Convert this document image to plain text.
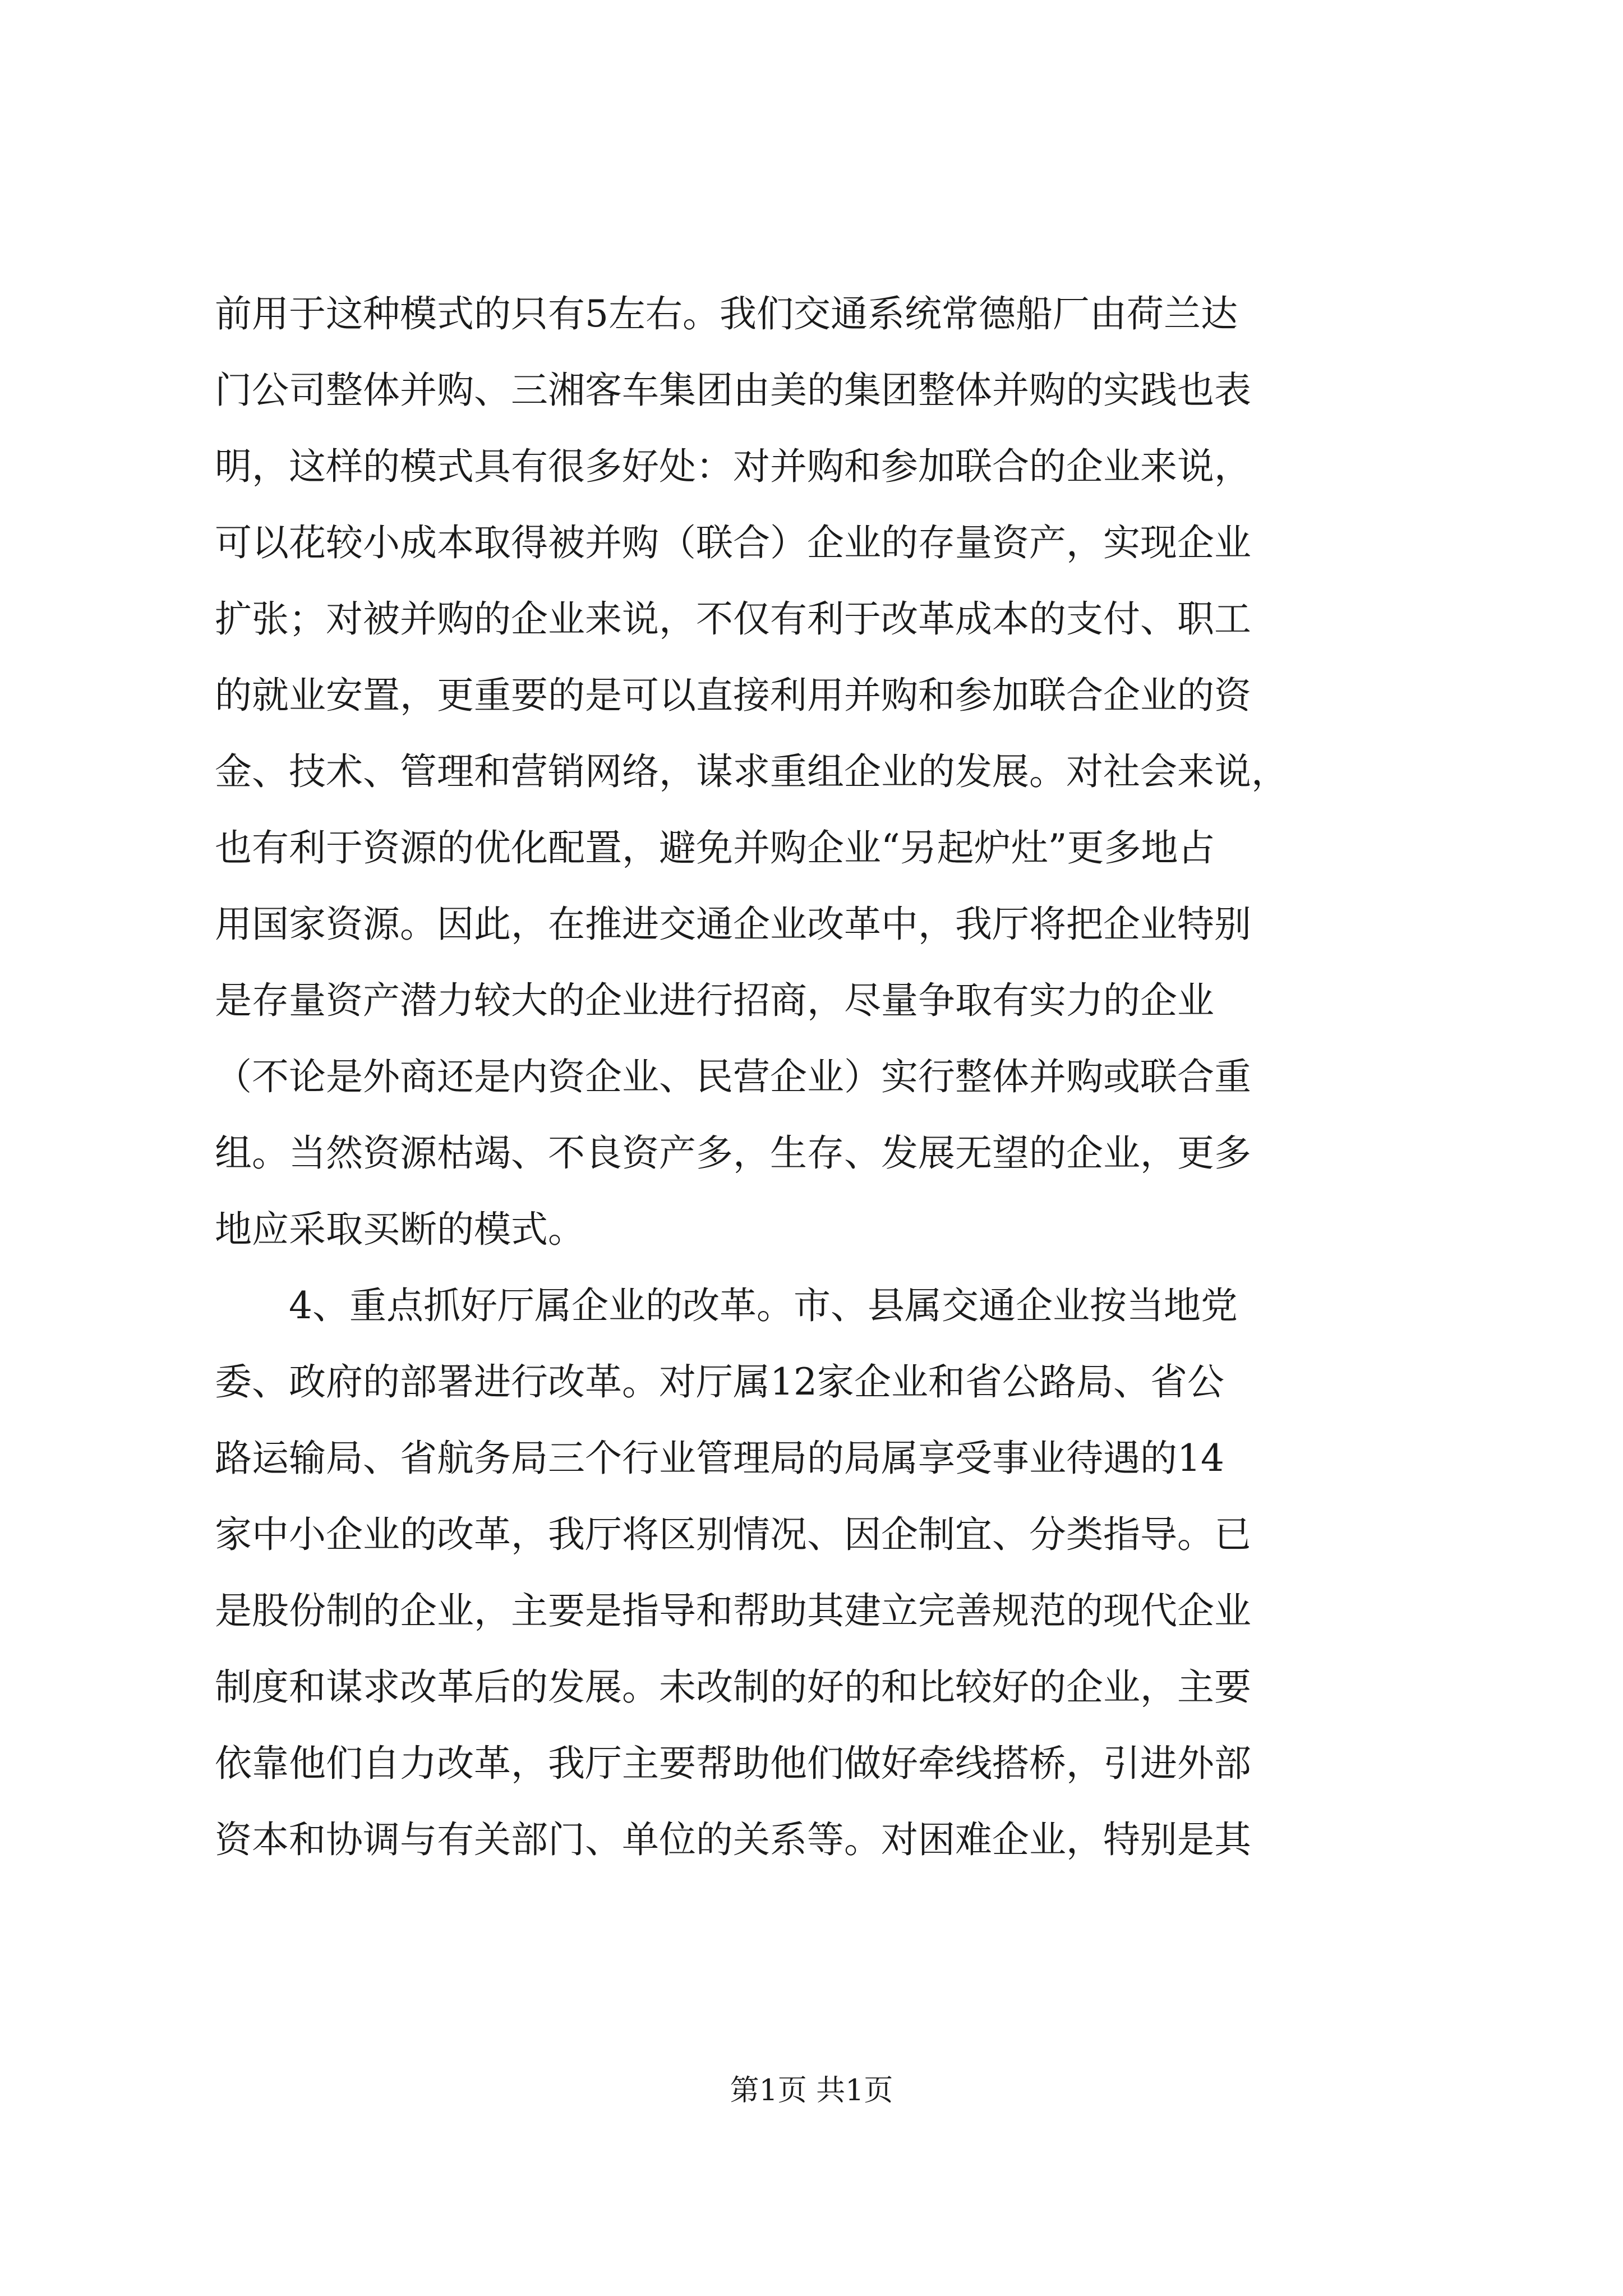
前用于这种模式的只有5左右。我们交通系统常德船厂由荷兰达
门公司整体并购、三湘客车集团由美的集团整体并购的实践也表
明，这样的模式具有很多好处：对并购和参加联合的企业来说，
可以花较小成本取得被并购（联合）企业的存量资产，实现企业
扩张；对被并购的企业来说，不仅有利于改革成本的支付、职工
的就业安置，更重要的是可以直接利用并购和参加联合企业的资
金、技术、管理和营销网络，谋求重组企业的发展。对社会来说，
也有利于资源的优化配置，避免并购企业“另起炉灶”更多地占
用国家资源。因此，在推进交通企业改革中，我厅将把企业特别
是存量资产潜力较大的企业进行招商，尽量争取有实力的企业
（不论是外商还是内资企业、民营企业）实行整体并购或联合重
组。当然资源枯竭、不良资产多，生存、发展无望的企业，更多
地应采取买断的模式。
4、重点抓好厅属企业的改革。市、县属交通企业按当地党
委、政府的部署进行改革。对厅属12家企业和省公路局、省公
路运输局、省航务局三个行业管理局的局属享受事业待遇的14
家中小企业的改革，我厅将区别情况、因企制宜、分类指导。已
是股份制的企业，主要是指导和帮助其建立完善规范的现代企业
制度和谋求改革后的发展。未改制的好的和比较好的企业，主要
依靠他们自力改革，我厅主要帮助他们做好牵线搭桥，引进外部
资本和协调与有关部门、单位的关系等。对困难企业，特别是其
第1页 共1页
